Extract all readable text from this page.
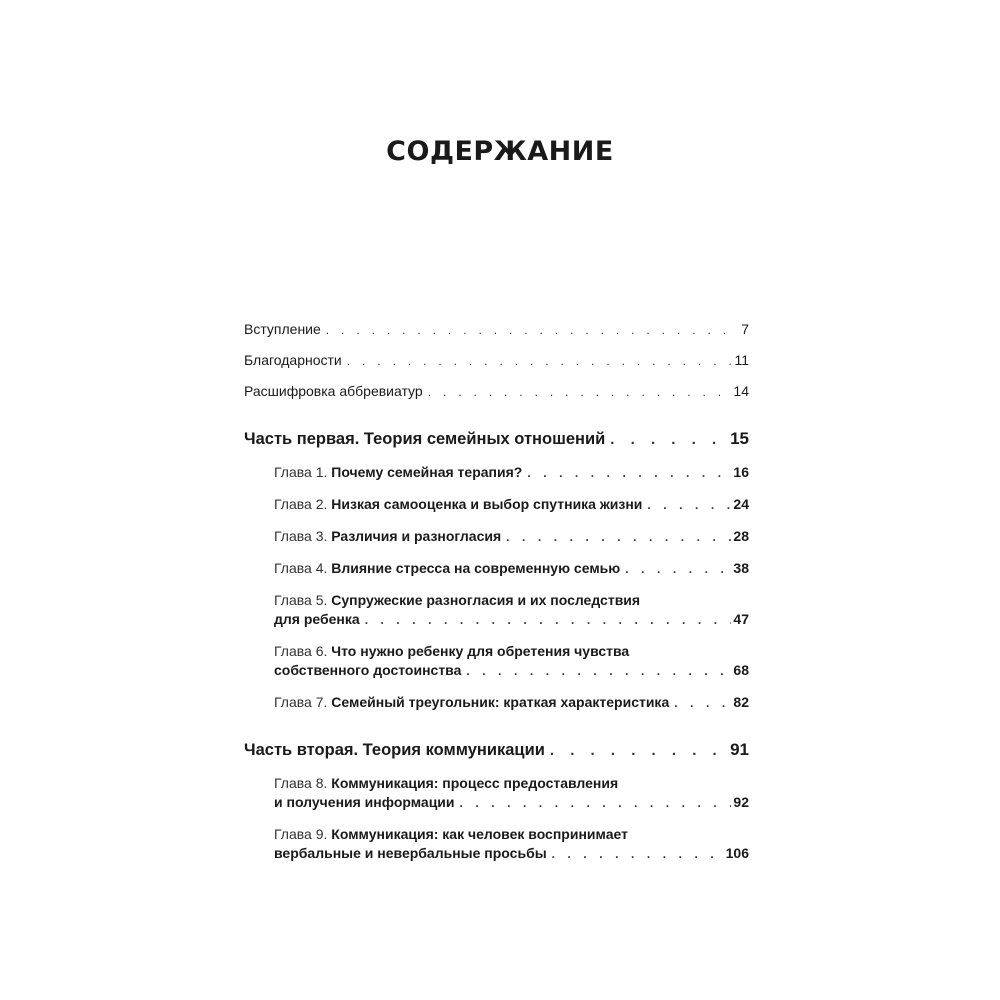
СОДЕРЖАНИЕ
Вступление . . .	7
Благодарности . . .	11
Расшифровка аббревиатур . . .	14
Часть первая. Теория семейных отношений . . .	15
Глава 1. Почему семейная терапия? . . .	16
Глава 2. Низкая самооценка и выбор спутника жизни . . .	24
Глава 3. Различия и разногласия . . .	28
Глава 4. Влияние стресса на современную семью . . .	38
Глава 5. Супружеские разногласия и их последствия
для ребенка . . .	47
Глава 6. Что нужно ребенку для обретения чувства
собственного достоинства . . .	68
Глава 7. Семейный треугольник: краткая характеристика . . .	82
Часть вторая. Теория коммуникации . . .	91
Глава 8. Коммуникация: процесс предоставления
и получения информации . . .	92
Глава 9. Коммуникация: как человек воспринимает
вербальные и невербальные просьбы . . .	106
